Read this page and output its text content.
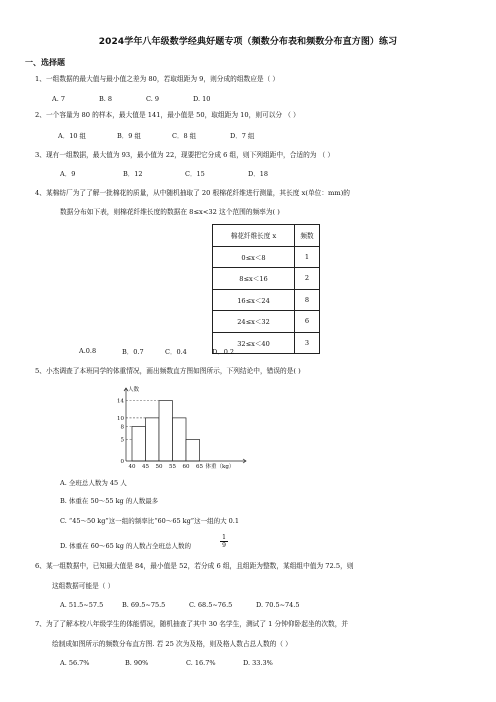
2024学年八年级数学经典好题专项（频数分布表和频数分布直方图）练习
一、选择题
1、一组数据的最大值与最小值之差为 80，若取组距为 9，则分成的组数应是（ ）
A. 7	B. 8	C. 9	D. 10
2、一个容量为 80 的样本，最大值是 141，最小值是 50，取组距为 10，则可以分 （ ）
A．10 组	B．9 组	C．8 组	D．7 组
3、现有一组数据，最大值为 93，最小值为 22，现要把它分成 6 组，则下列组距中，合适的为 （ ）
A．9	B．12	C．15	D．18
4、某棉纺厂为了了解一批棉花的质量，从中随机抽取了 20 根棉花纤维进行测量，其长度 x(单位：mm)的
数据分布如下表，则棉花纤维长度的数据在 8≤x<32 这个范围的频率为( )
棉花纤维长度 x	频数
0≤x＜8	1
8≤x＜16	2
16≤x＜24	8
24≤x＜32	6
32≤x＜40	3
A.0.8	B．0.7	C．0.4	D．0.2
5、小杰调查了本班同学的体重情况，画出频数直方图如图所示，下列结论中，错误的是( )
0
5
8
10
14
40 45 50 55 60 65
人数
体重（kg）
A. 全班总人数为 45 人
B. 体重在 50～55 kg 的人数最多
C. “45～50 kg”这一组的频率比“60～65 kg”这一组的大 0.1
D. 体重在 60～65 kg 的人数占全班总人数的	$\frac{1}{9}$
6、某一组数据中，已知最大值是 84，最小值是 52，若分成 6 组，且组距为整数，某组组中值为 72.5，则
这组数据可能是（ ）
A. 51.5~57.5	B. 69.5~75.5	C. 68.5~76.5	D. 70.5~74.5
7、为了了解本校八年级学生的体能情况，随机抽查了其中 30 名学生，测试了 1 分钟仰卧起坐的次数，并
绘制成如图所示的频数分布直方图. 若 25 次为及格，则及格人数占总人数的（ ）
A. 56.7%	B. 90%	C. 16.7%	D. 33.3%
